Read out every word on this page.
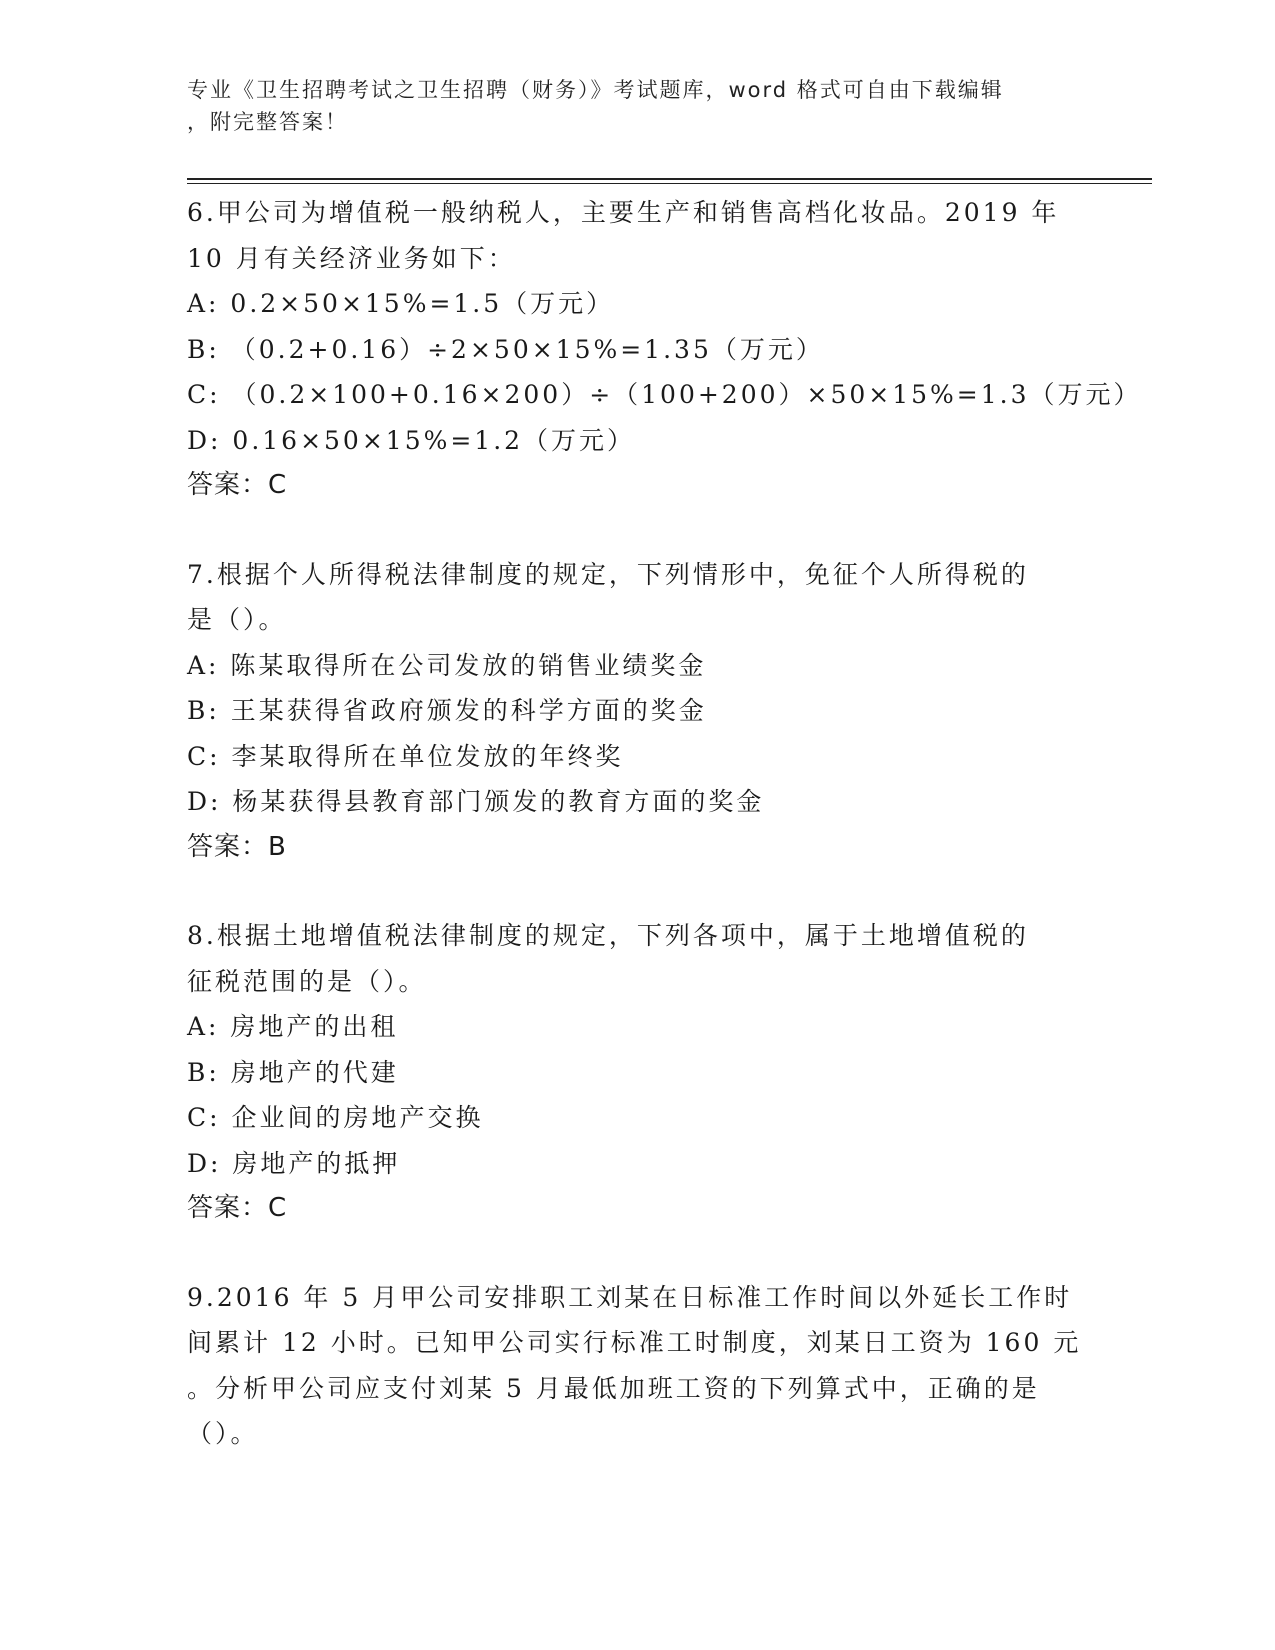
专业《卫生招聘考试之卫生招聘（财务）》考试题库，word 格式可自由下载编辑
，附完整答案！
6.甲公司为增值税一般纳税人，主要生产和销售高档化妆品。2019 年
10 月有关经济业务如下：
A: 0.2×50×15%=1.5（万元）
B: （0.2+0.16）÷2×50×15%=1.35（万元）
C: （0.2×100+0.16×200）÷（100+200）×50×15%=1.3（万元）
D: 0.16×50×15%=1.2（万元）
答案：C
7.根据个人所得税法律制度的规定，下列情形中，免征个人所得税的
是（）。
A: 陈某取得所在公司发放的销售业绩奖金
B: 王某获得省政府颁发的科学方面的奖金
C: 李某取得所在单位发放的年终奖
D: 杨某获得县教育部门颁发的教育方面的奖金
答案：B
8.根据土地增值税法律制度的规定，下列各项中，属于土地增值税的
征税范围的是（）。
A: 房地产的出租
B: 房地产的代建
C: 企业间的房地产交换
D: 房地产的抵押
答案：C
9.2016 年 5 月甲公司安排职工刘某在日标准工作时间以外延长工作时
间累计 12 小时。已知甲公司实行标准工时制度，刘某日工资为 160 元
。分析甲公司应支付刘某 5 月最低加班工资的下列算式中，正确的是
（）。
